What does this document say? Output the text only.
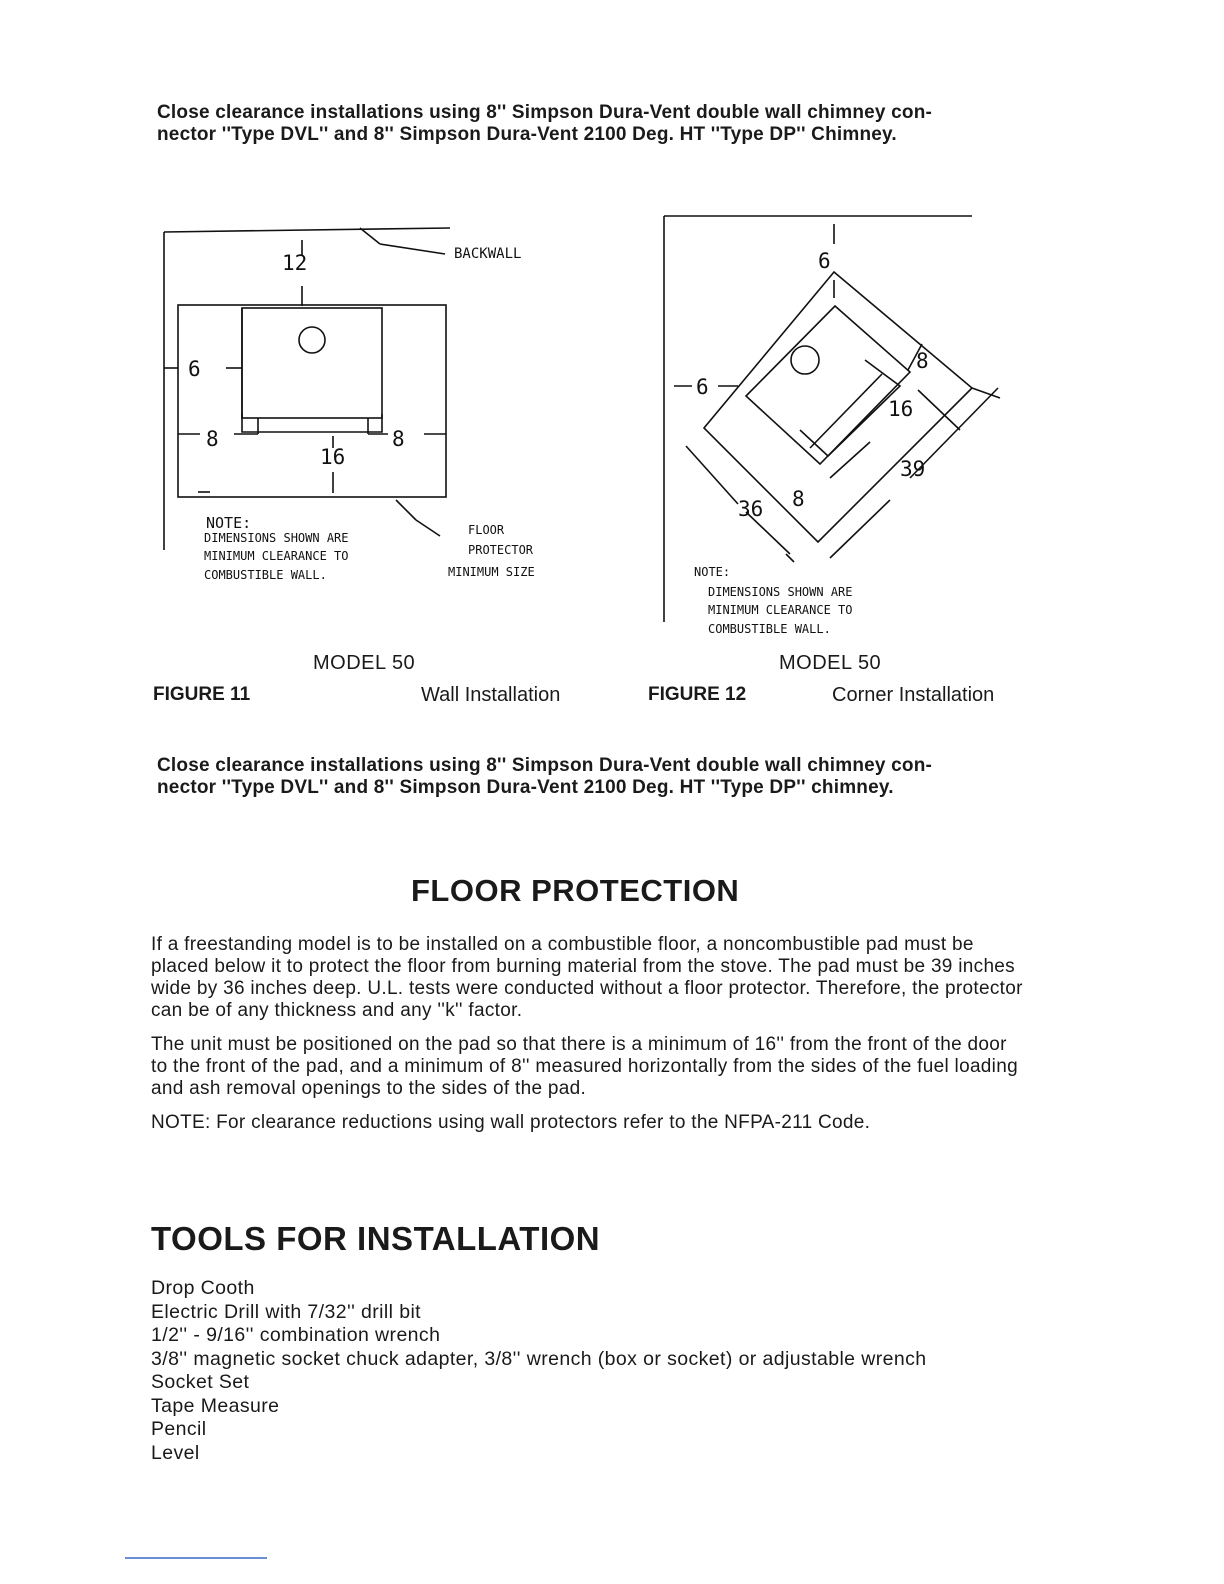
Close clearance installations using 8'' Simpson Dura-Vent double wall chimney con-

nector ''Type DVL'' and 8'' Simpson Dura-Vent 2100 Deg. HT ''Type DP'' Chimney.

12
6
8	8
16
BACKWALL
NOTE:
DIMENSIONS SHOWN ARE
MINIMUM CLEARANCE TO
COMBUSTIBLE WALL.
FLOOR
PROTECTOR
MINIMUM SIZE
6
6
8
16
39
36 8
NOTE:
DIMENSIONS SHOWN ARE
MINIMUM CLEARANCE TO
COMBUSTIBLE WALL.
MODEL 50
FIGURE 11	Wall Installation
MODEL 50
FIGURE 12	Corner Installation

Close clearance installations using 8'' Simpson Dura-Vent double wall chimney con-

nector ''Type DVL'' and 8'' Simpson Dura-Vent 2100 Deg. HT ''Type DP'' chimney.

FLOOR PROTECTION

If a freestanding model is to be installed on a combustible floor, a noncombustible pad must be placed below it to protect the floor from burning material from the stove. The pad must be 39 inches wide by 36 inches deep. U.L. tests were conducted without a floor protector. Therefore, the protector can be of any thickness and any ''k'' factor.

The unit must be positioned on the pad so that there is a minimum of 16'' from the front of the door to the front of the pad, and a minimum of 8'' measured horizontally from the sides of the fuel loading and ash removal openings to the sides of the pad.

NOTE: For clearance reductions using wall protectors refer to the NFPA-211 Code.

TOOLS FOR INSTALLATION
Drop Cooth
Electric Drill with 7/32'' drill bit
1/2'' - 9/16'' combination wrench
3/8'' magnetic socket chuck adapter, 3/8'' wrench (box or socket) or adjustable wrench
Socket Set
Tape Measure
Pencil
Level
